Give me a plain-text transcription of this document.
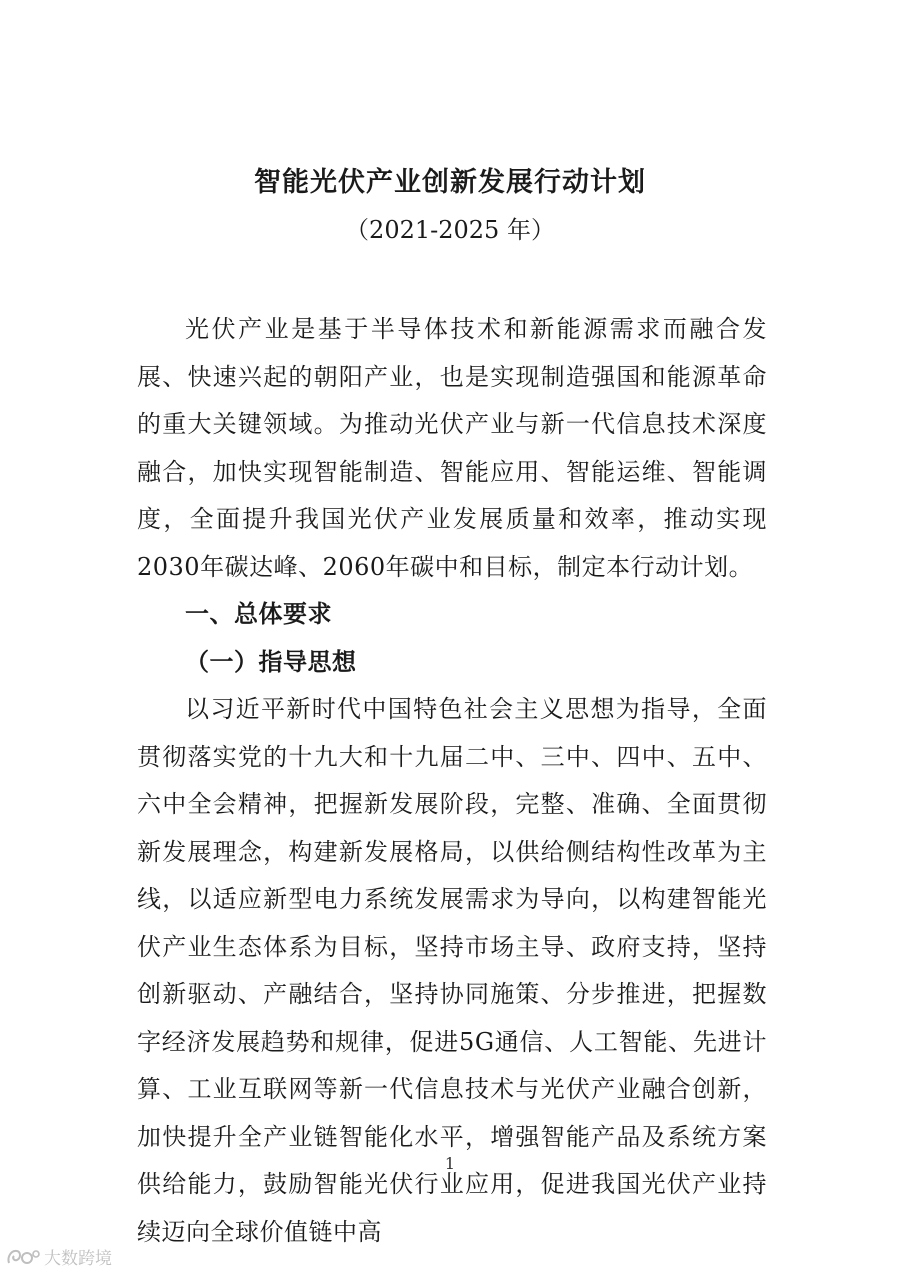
智能光伏产业创新发展行动计划

（2021-2025 年）

光伏产业是基于半导体技术和新能源需求而融合发展、快速兴起的朝阳产业，也是实现制造强国和能源革命的重大关键领域。为推动光伏产业与新一代信息技术深度融合，加快实现智能制造、智能应用、智能运维、智能调度，全面提升我国光伏产业发展质量和效率，推动实现2030年碳达峰、2060年碳中和目标，制定本行动计划。

一、总体要求

（一）指导思想

以习近平新时代中国特色社会主义思想为指导，全面贯彻落实党的十九大和十九届二中、三中、四中、五中、六中全会精神，把握新发展阶段，完整、准确、全面贯彻新发展理念，构建新发展格局，以供给侧结构性改革为主线，以适应新型电力系统发展需求为导向，以构建智能光伏产业生态体系为目标，坚持市场主导、政府支持，坚持创新驱动、产融结合，坚持协同施策、分步推进，把握数字经济发展趋势和规律，促进5G通信、人工智能、先进计算、工业互联网等新一代信息技术与光伏产业融合创新，加快提升全产业链智能化水平，增强智能产品及系统方案供给能力，鼓励智能光伏行业应用，促进我国光伏产业持续迈向全球价值链中高

1
大数跨境
